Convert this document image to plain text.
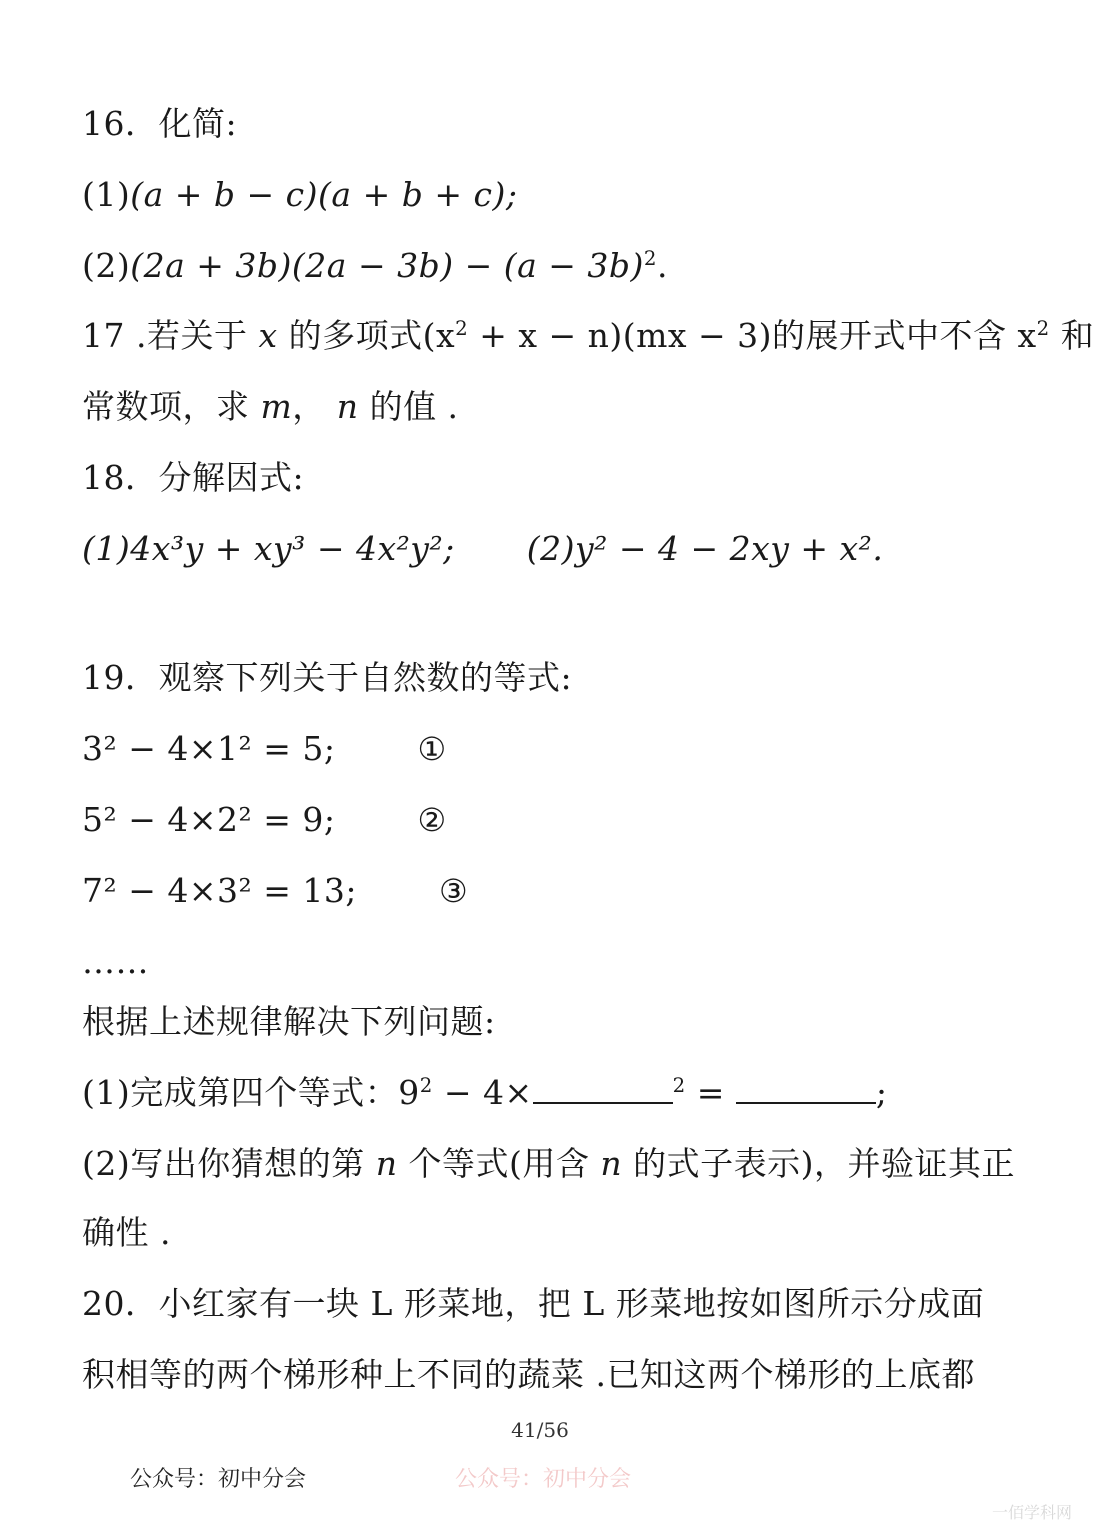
16．化简:
(1)(a + b − c)(a + b + c);
$(2)(2a + 3b)(2a - 3b) - (a - 3b)^2$.
17 .若关于 x 的多项式$(x^2 + x - n)(mx - 3)$的展开式中不含 $x^2$ 和
常数项，求 m， n 的值 .
18．分解因式:
(1)4x³y + xy³ − 4x²y²; (2)y² − 4 − 2xy + x².
19．观察下列关于自然数的等式:
3² − 4×1² = 5;	①
5² − 4×2² = 9;	②
7² − 4×3² = 13;	③
……
根据上述规律解决下列问题:
(1)完成第四个等式：$9^2 - 4\times$	$^2$ =	;
(2)写出你猜想的第 n 个等式(用含 n 的式子表示)，并验证其正
确性 .
20．小红家有一块 L 形菜地，把 L 形菜地按如图所示分成面
积相等的两个梯形种上不同的蔬菜 .已知这两个梯形的上底都
41/56
公众号：初中分会	公众号：初中分会
一佰学科网
